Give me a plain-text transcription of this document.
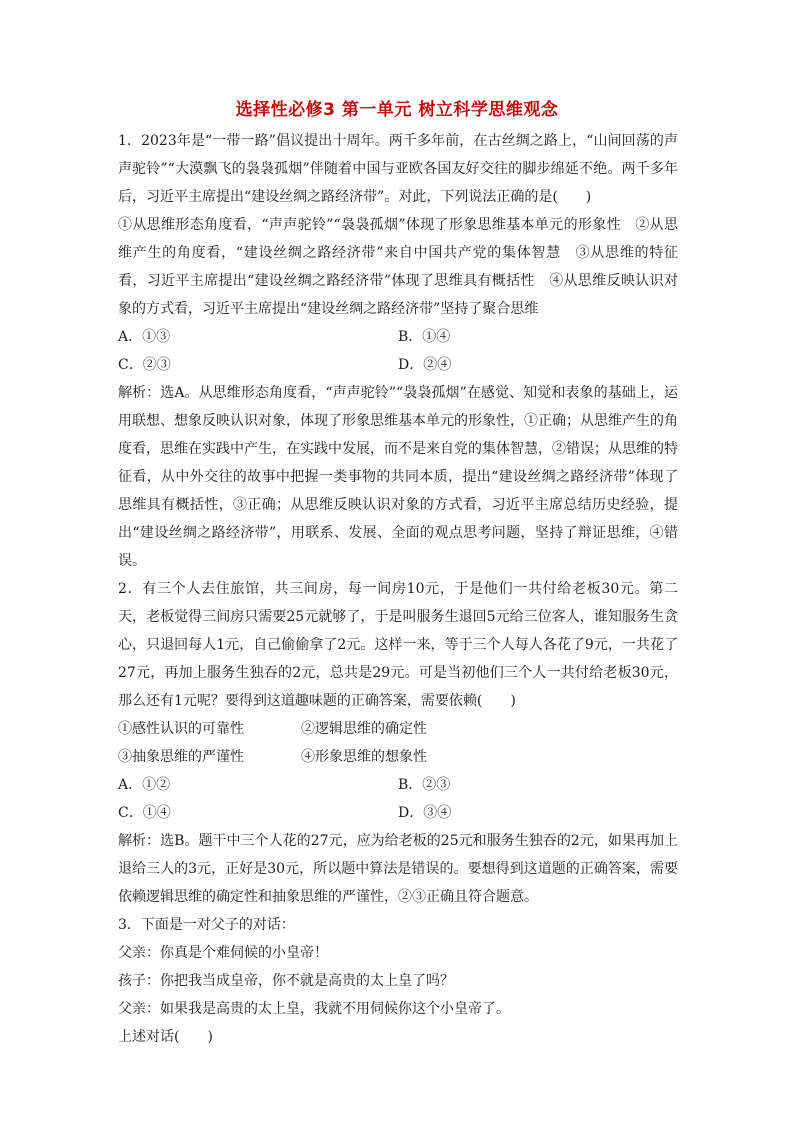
选择性必修3 第一单元 树立科学思维观念

1．2023年是“一带一路”倡议提出十周年。两千多年前，在古丝绸之路上，“山间回荡的声声驼铃”“大漠飘飞的袅袅孤烟”伴随着中国与亚欧各国友好交往的脚步绵延不绝。两千多年后，习近平主席提出“建设丝绸之路经济带”。对此，下列说法正确的是(　　)

①从思维形态角度看，“声声驼铃”“袅袅孤烟”体现了形象思维基本单元的形象性　②从思维产生的角度看，“建设丝绸之路经济带”来自中国共产党的集体智慧　③从思维的特征看，习近平主席提出“建设丝绸之路经济带”体现了思维具有概括性　④从思维反映认识对象的方式看，习近平主席提出“建设丝绸之路经济带”坚持了聚合思维

A．①③	B．①④
C．②③	D．②④

解析：选A。从思维形态角度看，“声声驼铃”“袅袅孤烟”在感觉、知觉和表象的基础上，运用联想、想象反映认识对象，体现了形象思维基本单元的形象性，①正确；从思维产生的角度看，思维在实践中产生，在实践中发展，而不是来自党的集体智慧，②错误；从思维的特征看，从中外交往的故事中把握一类事物的共同本质，提出“建设丝绸之路经济带”体现了思维具有概括性，③正确；从思维反映认识对象的方式看，习近平主席总结历史经验，提出“建设丝绸之路经济带”，用联系、发展、全面的观点思考问题，坚持了辩证思维，④错误。

2．有三个人去住旅馆，共三间房，每一间房10元，于是他们一共付给老板30元。第二天，老板觉得三间房只需要25元就够了，于是叫服务生退回5元给三位客人，谁知服务生贪心，只退回每人1元，自己偷偷拿了2元。这样一来，等于三个人每人各花了9元，一共花了27元，再加上服务生独吞的2元，总共是29元。可是当初他们三个人一共付给老板30元，那么还有1元呢？要得到这道趣味题的正确答案，需要依赖(　　)

①感性认识的可靠性	②逻辑思维的确定性
③抽象思维的严谨性	④形象思维的想象性
A．①②	B．②③
C．①④	D．③④

解析：选B。题干中三个人花的27元，应为给老板的25元和服务生独吞的2元，如果再加上退给三人的3元，正好是30元，所以题中算法是错误的。要想得到这道题的正确答案，需要依赖逻辑思维的确定性和抽象思维的严谨性，②③正确且符合题意。

3．下面是一对父子的对话：

父亲：你真是个难伺候的小皇帝！

孩子：你把我当成皇帝，你不就是高贵的太上皇了吗？

父亲：如果我是高贵的太上皇，我就不用伺候你这个小皇帝了。

上述对话(　　)
